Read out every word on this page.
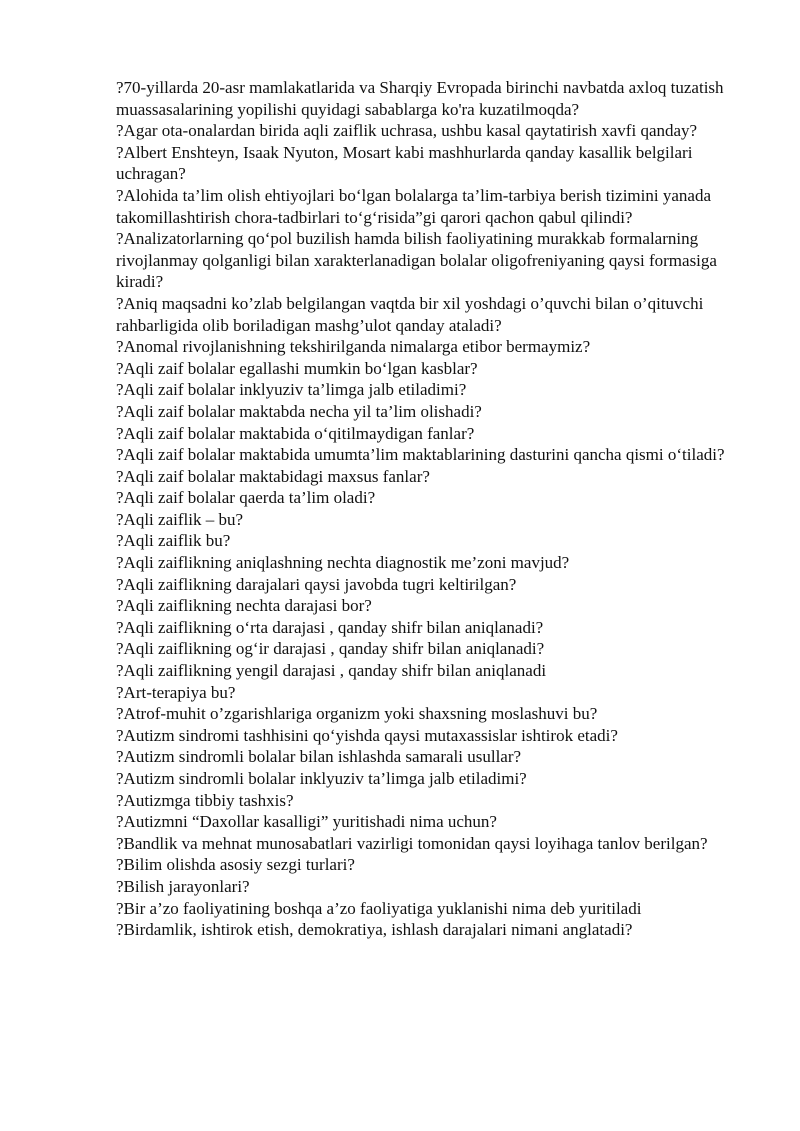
?70-yillarda 20-asr mamlakatlarida va Sharqiy Evropada birinchi navbatda axloq tuzatish muassasalarining yopilishi quyidagi sabablarga ko'ra kuzatilmoqda?
?Agar ota-onalardan birida aqli zaiflik uchrasa, ushbu kasal qaytatirish xavfi qanday?
?Albert Enshteyn, Isaak Nyuton, Mosart kabi mashhurlarda qanday kasallik belgilari uchragan?
?Alohida ta’lim olish ehtiyojlari bo‘lgan bolalarga ta’lim-tarbiya berish tizimini yanada takomillashtirish chora-tadbirlari to‘g‘risida”gi qarori qachon qabul qilindi?
?Analizatorlarning qo‘pol buzilish hamda bilish faoliyatining murakkab formalarning rivojlanmay qolganligi bilan xarakterlanadigan bolalar oligofreniyaning qaysi formasiga kiradi?
?Aniq maqsadni ko’zlab belgilangan vaqtda bir xil yoshdagi o’quvchi bilan o’qituvchi rahbarligida olib boriladigan mashg’ulot qanday ataladi?
?Anomal rivojlanishning tekshirilganda nimalarga etibor bermaymiz?
?Aqli zaif bolalar egallashi mumkin bo‘lgan kasblar?
?Aqli zaif bolalar inklyuziv ta’limga jalb etiladimi?
?Aqli zaif bolalar maktabda necha yil ta’lim olishadi?
?Aqli zaif bolalar maktabida o‘qitilmaydigan fanlar?
?Aqli zaif bolalar maktabida umumta’lim maktablarining dasturini qancha qismi o‘tiladi?
?Aqli zaif bolalar maktabidagi maxsus fanlar?
?Aqli zaif bolalar qaerda ta’lim oladi?
?Aqli zaiflik – bu?
?Aqli zaiflik bu?
?Aqli zaiflikning aniqlashning nechta diagnostik me’zoni mavjud?
?Aqli zaiflikning darajalari qaysi javobda tugri keltirilgan?
?Aqli zaiflikning nechta darajasi bor?
?Aqli zaiflikning o‘rta darajasi , qanday shifr bilan aniqlanadi?
?Aqli zaiflikning og‘ir darajasi , qanday shifr bilan aniqlanadi?
?Aqli zaiflikning yengil darajasi , qanday shifr bilan aniqlanadi
?Art-terapiya bu?
?Atrof-muhit o’zgarishlariga organizm yoki shaxsning moslashuvi bu?
?Autizm sindromi tashhisini qo‘yishda qaysi mutaxassislar ishtirok etadi?
?Autizm sindromli bolalar bilan ishlashda samarali usullar?
?Autizm sindromli bolalar inklyuziv ta’limga jalb etiladimi?
?Autizmga tibbiy tashxis?
?Autizmni “Daxollar kasalligi” yuritishadi nima uchun?
?Bandlik va mehnat munosabatlari vazirligi tomonidan qaysi loyihaga tanlov berilgan?
?Bilim olishda asosiy sezgi turlari?
?Bilish jarayonlari?
?Bir a’zo faoliyatining boshqa a’zo faoliyatiga yuklanishi nima deb yuritiladi
?Birdamlik, ishtirok etish, demokratiya, ishlash darajalari nimani anglatadi?
